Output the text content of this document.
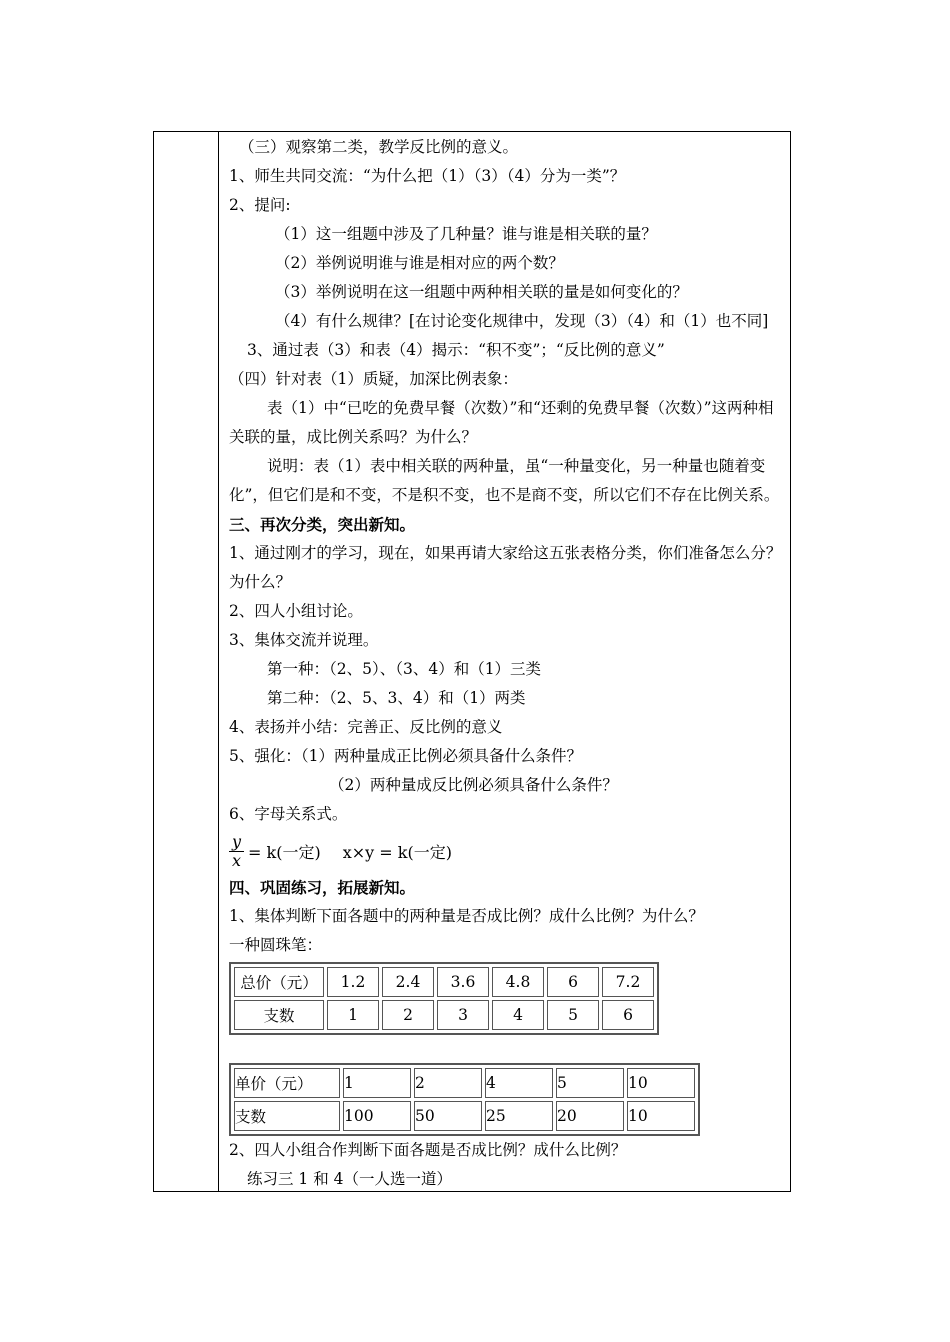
（三）观察第二类，教学反比例的意义。
1、师生共同交流：“为什么把（1）（3）（4）分为一类”？
2、提问:
（1）这一组题中涉及了几种量？谁与谁是相关联的量？
（2）举例说明谁与谁是相对应的两个数？
（3）举例说明在这一组题中两种相关联的量是如何变化的？
（4）有什么规律？[在讨论变化规律中，发现（3）（4）和（1）也不同]
3、通过表（3）和表（4）揭示：“积不变”；“反比例的意义”
（四）针对表（1）质疑，加深比例表象：
表（1）中“已吃的免费早餐（次数）”和“还剩的免费早餐（次数）”这两种相关联的量，成比例关系吗？为什么？
说明：表（1）表中相关联的两种量，虽“一种量变化，另一种量也随着变化”，但它们是和不变，不是积不变，也不是商不变，所以它们不存在比例关系。
三、再次分类，突出新知。
1、通过刚才的学习，现在，如果再请大家给这五张表格分类，你们准备怎么分？为什么？
2、四人小组讨论。
3、集体交流并说理。
第一种：（2、5）、（3、4）和（1）三类
第二种：（2、5、3、4）和（1）两类
4、表扬并小结：完善正、反比例的意义
5、强化：（1）两种量成正比例必须具备什么条件？
（2）两种量成反比例必须具备什么条件？
6、字母关系式。
$\frac{y}{x} = k$(一定) x×y = k(一定)
四、巩固练习，拓展新知。
1、集体判断下面各题中的两种量是否成比例？成什么比例？为什么？
一种圆珠笔：
总价（元）	1.2	2.4	3.6	4.8	6	7.2
支数	1	2	3	4	5	6
单价（元）	1	2	4	5	10
支数	100	50	25	20	10
2、四人小组合作判断下面各题是否成比例？成什么比例？
练习三 1 和 4（一人选一道）
